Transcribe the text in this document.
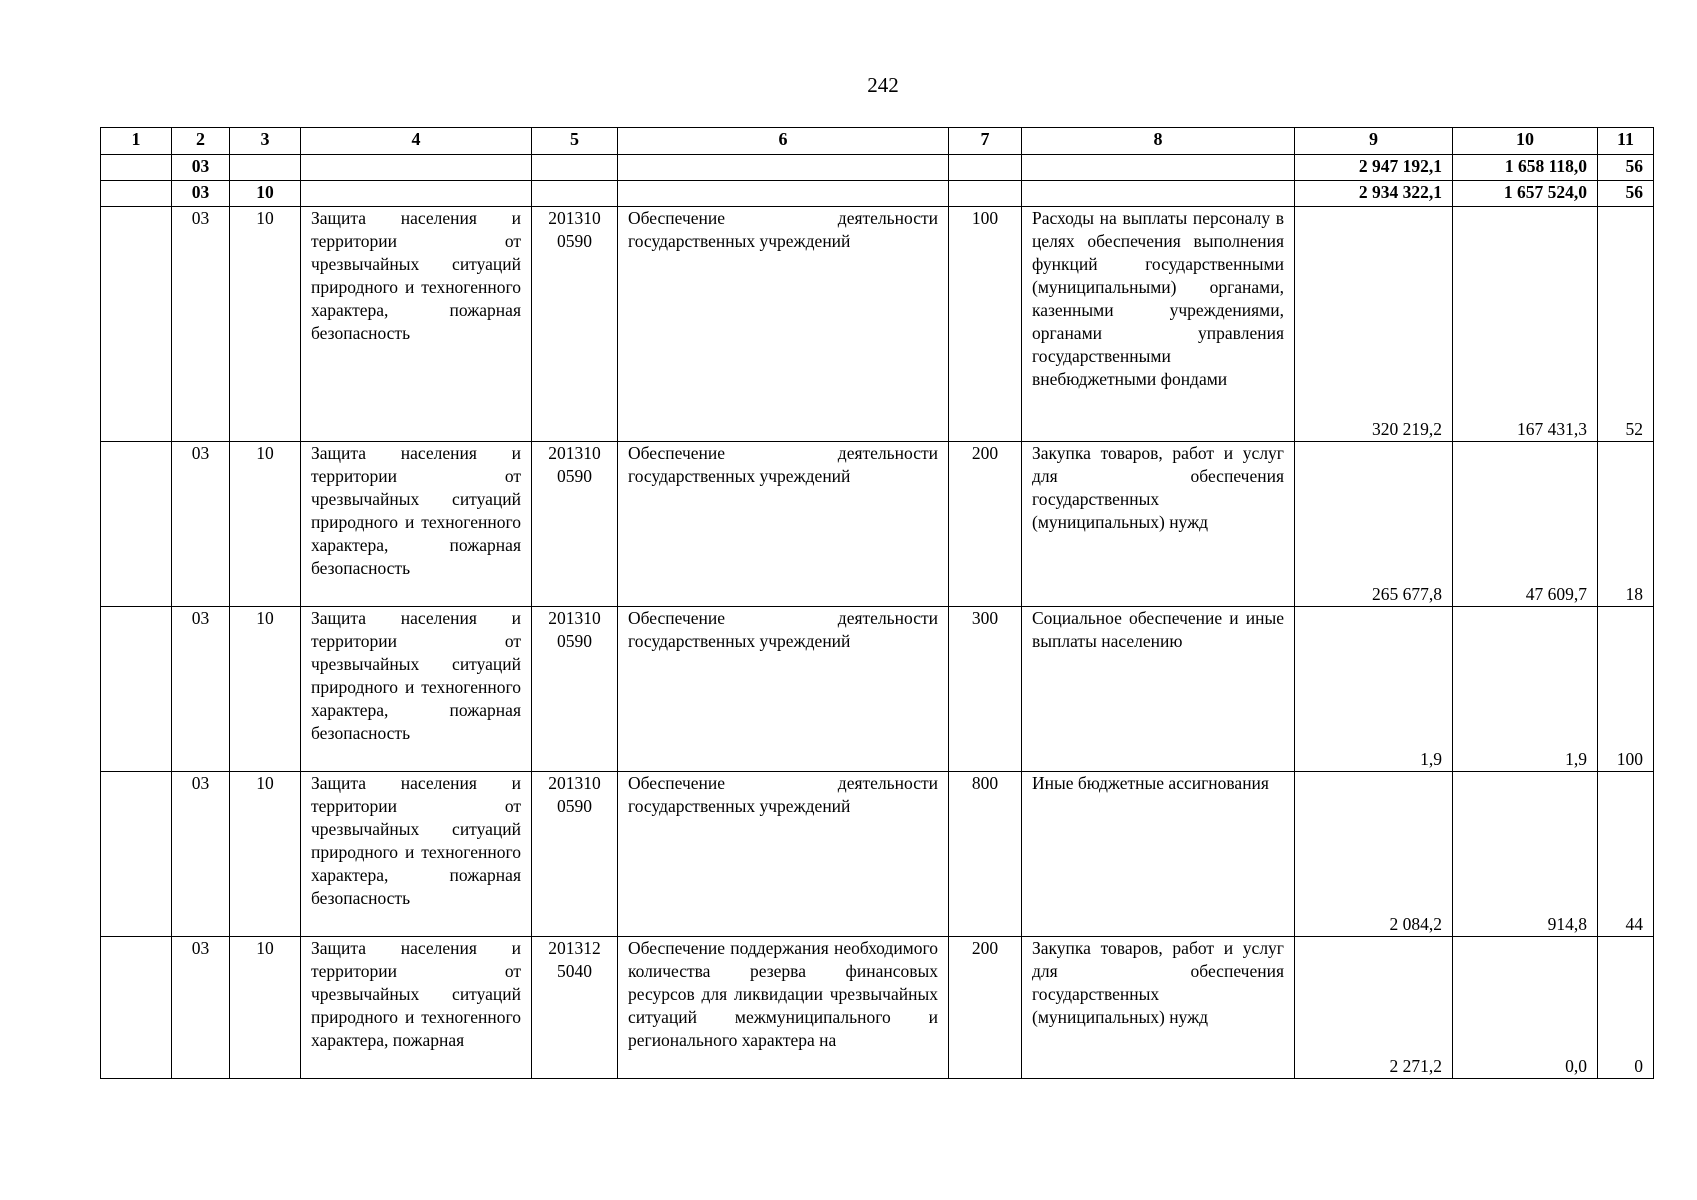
242
1	2	3	4	5	6	7	8	9	10	11
	03							2 947 192,1	1 658 118,0	56
	03	10						2 934 322,1	1 657 524,0	56
	03	10	Защита населения и территории от чрезвычайных ситуаций природного и техногенного характера, пожарная безопасность	201310 0590	Обеспечение деятельности государственных учреждений	100	Расходы на выплаты персоналу в целях обеспечения выполнения функций государственными (муниципальными) органами, казенными учреждениями, органами управления государственными внебюджетными фондами	320 219,2	167 431,3	52
	03	10	Защита населения и территории от чрезвычайных ситуаций природного и техногенного характера, пожарная безопасность	201310 0590	Обеспечение деятельности государственных учреждений	200	Закупка товаров, работ и услуг для обеспечения государственных (муниципальных) нужд	265 677,8	47 609,7	18
	03	10	Защита населения и территории от чрезвычайных ситуаций природного и техногенного характера, пожарная безопасность	201310 0590	Обеспечение деятельности государственных учреждений	300	Социальное обеспечение и иные выплаты населению	1,9	1,9	100
	03	10	Защита населения и территории от чрезвычайных ситуаций природного и техногенного характера, пожарная безопасность	201310 0590	Обеспечение деятельности государственных учреждений	800	Иные бюджетные ассигнования	2 084,2	914,8	44
	03	10	Защита населения и территории от чрезвычайных ситуаций природного и техногенного характера, пожарная	201312 5040	Обеспечение поддержания необходимого количества резерва финансовых ресурсов для ликвидации чрезвычайных ситуаций межмуниципального и регионального характера на	200	Закупка товаров, работ и услуг для обеспечения государственных (муниципальных) нужд	2 271,2	0,0	0
